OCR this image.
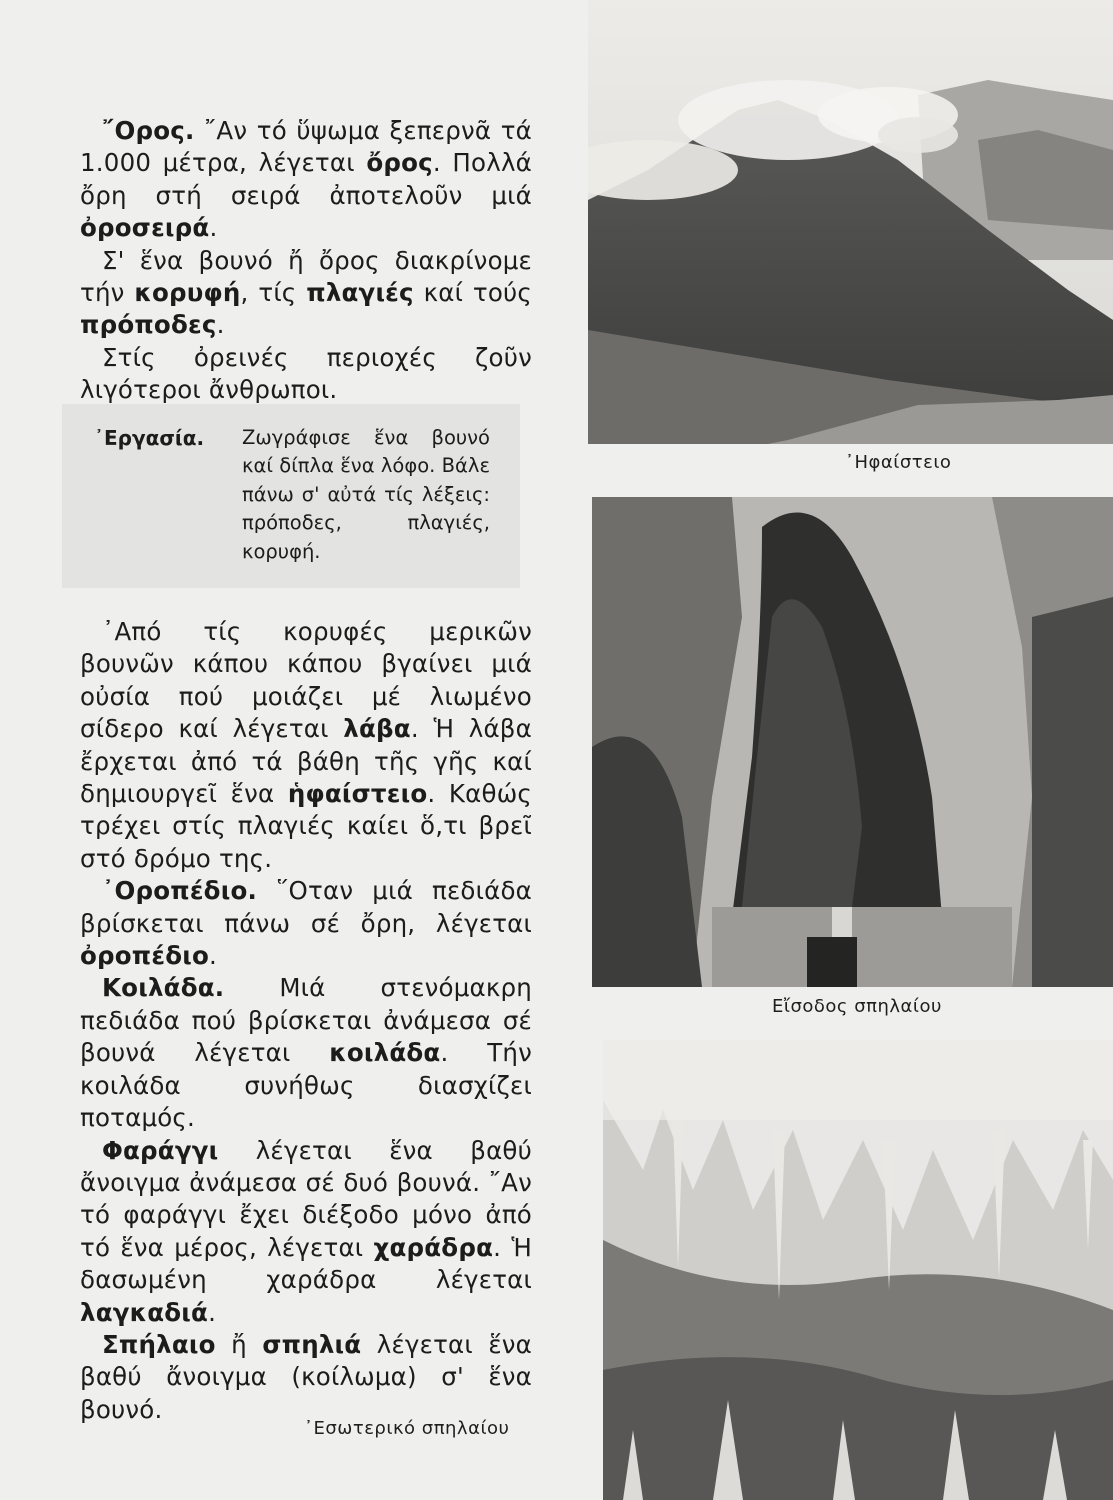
῎Ορος. ῎Αν τό ὕψωμα ξεπερνᾶ τά 1.000 μέτρα, λέγεται ὄρος. Πολλά ὄρη στή σειρά ἀποτελοῦν μιά ὀροσειρά.

Σ' ἕνα βουνό ἤ ὄρος διακρίνομε τήν κορυφή, τίς πλαγιές καί τούς πρόποδες.

Στίς ὀρεινές περιοχές ζοῦν λιγότεροι ἄνθρωποι.

᾽Εργασία. Ζωγράφισε ἕνα βουνό καί δίπλα ἕνα λόφο. Βάλε πάνω σ' αὐτά τίς λέξεις: πρόποδες, πλαγιές, κορυφή.

᾽Από τίς κορυφές μερικῶν βουνῶν κάπου κάπου βγαίνει μιά οὐσία πού μοιάζει μέ λιωμένο σίδερο καί λέγεται λάβα. Ἡ λάβα ἔρχεται ἀπό τά βάθη τῆς γῆς καί δημιουργεῖ ἕνα ἡφαίστειο. Καθώς τρέχει στίς πλαγιές καίει ὅ,τι βρεῖ στό δρόμο της.

᾽Οροπέδιο. ῞Οταν μιά πεδιάδα βρίσκεται πάνω σέ ὄρη, λέγεται ὀροπέδιο.

Κοιλάδα. Μιά στενόμακρη πεδιάδα πού βρίσκεται ἀνάμεσα σέ βουνά λέγεται κοιλάδα. Τήν κοιλάδα συνήθως διασχίζει ποταμός.

Φαράγγι λέγεται ἕνα βαθύ ἄνοιγμα ἀνάμεσα σέ δυό βουνά. ῎Αν τό φαράγγι ἔχει διέξοδο μόνο ἀπό τό ἕνα μέρος, λέγεται χαράδρα. Ἡ δασωμένη χαράδρα λέγεται λαγκαδιά.

Σπήλαιο ἤ σπηλιά λέγεται ἕνα βαθύ ἄνοιγμα (κοίλωμα) σ' ἕνα βουνό.

᾽Ηφαίστειο
Εἴσοδος σπηλαίου
᾽Εσωτερικό σπηλαίου
